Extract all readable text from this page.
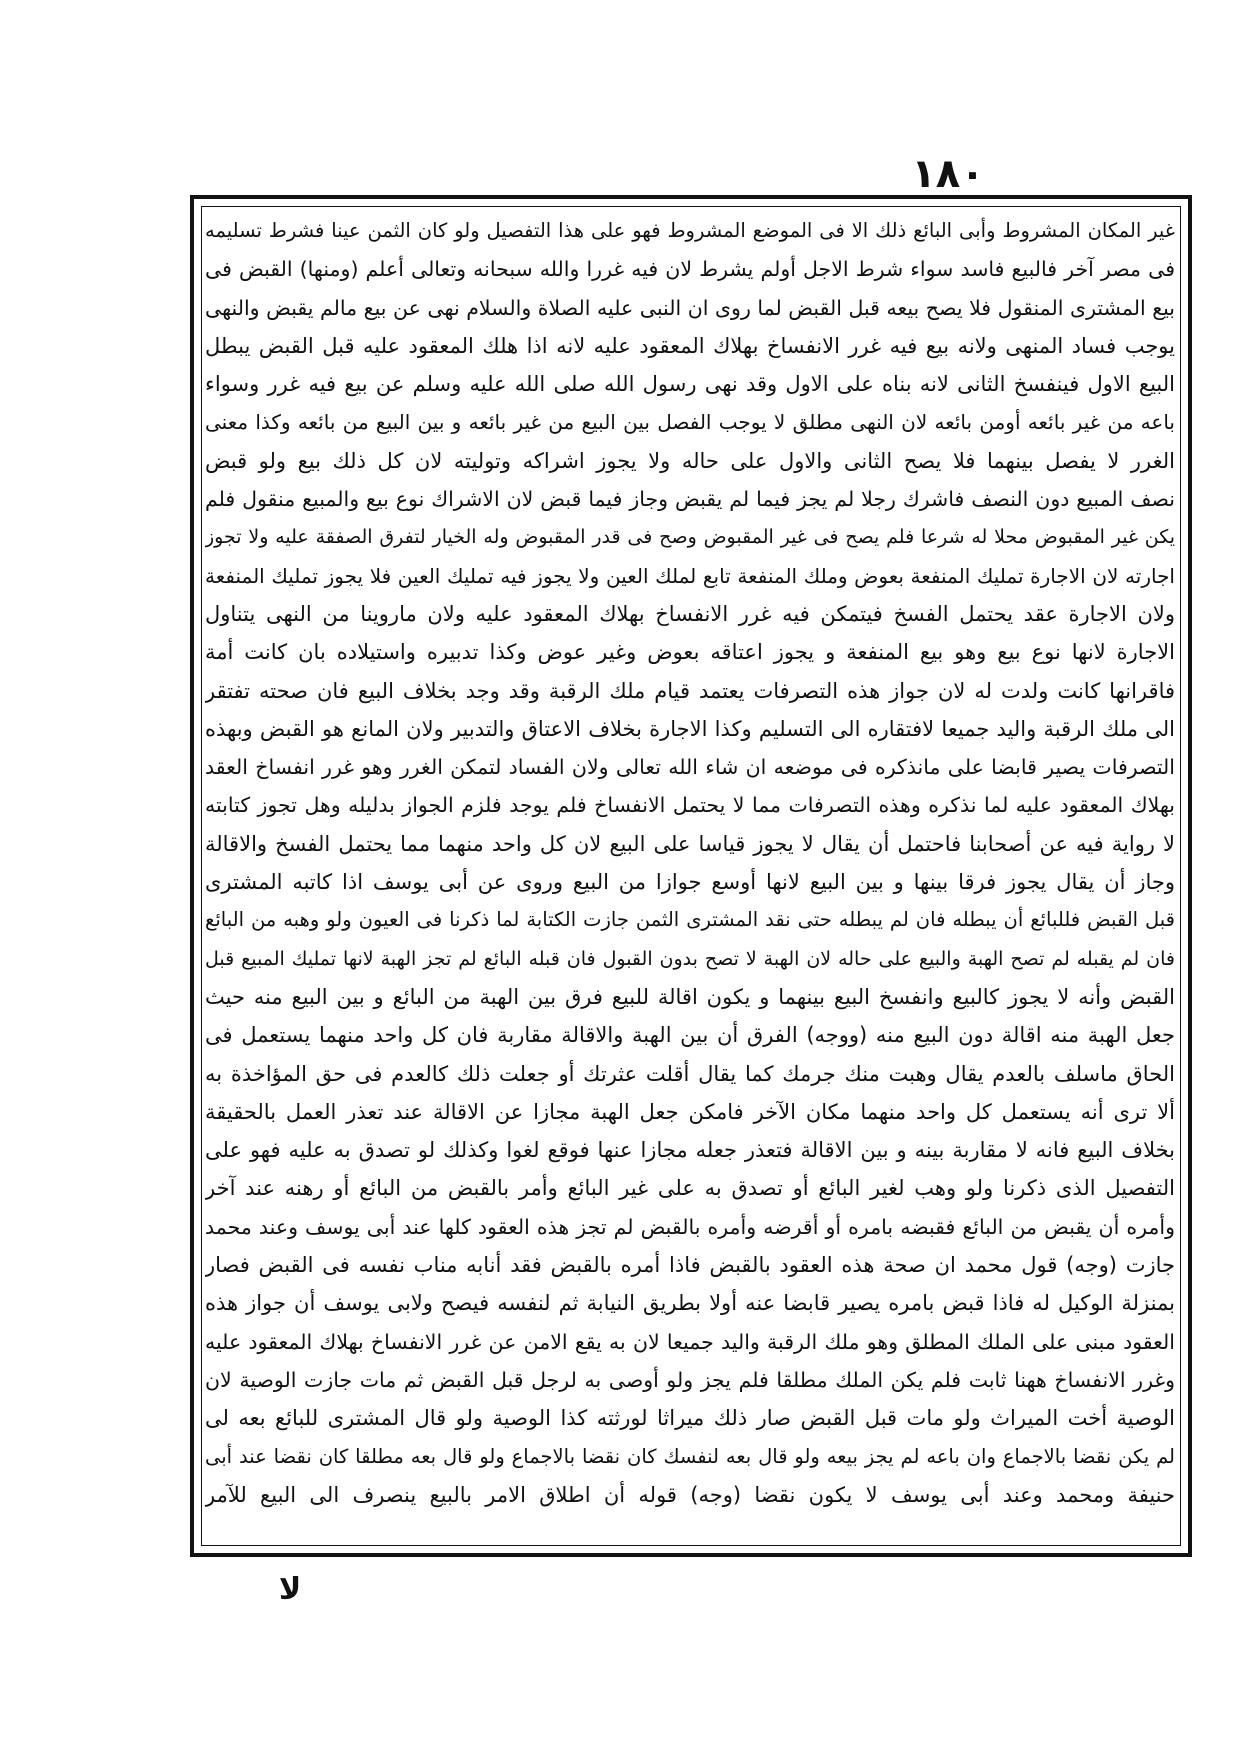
١٨٠
غير المكان المشروط وأبى البائع ذلك الا فى الموضع المشروط فهو على هذا التفصيل ولو كان الثمن عينا فشرط تسليمه
فى مصر آخر فالبيع فاسد سواء شرط الاجل أولم يشرط لان فيه غررا والله سبحانه وتعالى أعلم (ومنها) القبض فى
بيع المشترى المنقول فلا يصح بيعه قبل القبض لما روى ان النبى عليه الصلاة والسلام نهى عن بيع مالم يقبض والنهى
يوجب فساد المنهى ولانه بيع فيه غرر الانفساخ بهلاك المعقود عليه لانه اذا هلك المعقود عليه قبل القبض يبطل
البيع الاول فينفسخ الثانى لانه بناه على الاول وقد نهى رسول الله صلى الله عليه وسلم عن بيع فيه غرر وسواء
باعه من غير بائعه أومن بائعه لان النهى مطلق لا يوجب الفصل بين البيع من غير بائعه و بين البيع من بائعه وكذا معنى
الغرر لا يفصل بينهما فلا يصح الثانى والاول على حاله ولا يجوز اشراكه وتوليته لان كل ذلك بيع ولو قبض
نصف المبيع دون النصف فاشرك رجلا لم يجز فيما لم يقبض وجاز فيما قبض لان الاشراك نوع بيع والمبيع منقول فلم
يكن غير المقبوض محلا له شرعا فلم يصح فى غير المقبوض وصح فى قدر المقبوض وله الخيار لتفرق الصفقة عليه ولا تجوز
اجارته لان الاجارة تمليك المنفعة بعوض وملك المنفعة تابع لملك العين ولا يجوز فيه تمليك العين فلا يجوز تمليك المنفعة
ولان الاجارة عقد يحتمل الفسخ فيتمكن فيه غرر الانفساخ بهلاك المعقود عليه ولان ماروينا من النهى يتناول
الاجارة لانها نوع بيع وهو بيع المنفعة و يجوز اعتاقه بعوض وغير عوض وكذا تدبيره واستيلاده بان كانت أمة
فاقرانها كانت ولدت له لان جواز هذه التصرفات يعتمد قيام ملك الرقبة وقد وجد بخلاف البيع فان صحته تفتقر
الى ملك الرقبة واليد جميعا لافتقاره الى التسليم وكذا الاجارة بخلاف الاعتاق والتدبير ولان المانع هو القبض وبهذه
التصرفات يصير قابضا على مانذكره فى موضعه ان شاء الله تعالى ولان الفساد لتمكن الغرر وهو غرر انفساخ العقد
بهلاك المعقود عليه لما نذكره وهذه التصرفات مما لا يحتمل الانفساخ فلم يوجد فلزم الجواز بدليله وهل تجوز كتابته
لا رواية فيه عن أصحابنا فاحتمل أن يقال لا يجوز قياسا على البيع لان كل واحد منهما مما يحتمل الفسخ والاقالة
وجاز أن يقال يجوز فرقا بينها و بين البيع لانها أوسع جوازا من البيع وروى عن أبى يوسف اذا كاتبه المشترى
قبل القبض فللبائع أن يبطله فان لم يبطله حتى نقد المشترى الثمن جازت الكتابة لما ذكرنا فى العيون ولو وهبه من البائع
فان لم يقبله لم تصح الهبة والبيع على حاله لان الهبة لا تصح بدون القبول فان قبله البائع لم تجز الهبة لانها تمليك المبيع قبل
القبض وأنه لا يجوز كالبيع وانفسخ البيع بينهما و يكون اقالة للبيع فرق بين الهبة من البائع و بين البيع منه حيث
جعل الهبة منه اقالة دون البيع منه (ووجه) الفرق أن بين الهبة والاقالة مقاربة فان كل واحد منهما يستعمل فى
الحاق ماسلف بالعدم يقال وهبت منك جرمك كما يقال أقلت عثرتك أو جعلت ذلك كالعدم فى حق المؤاخذة به
ألا ترى أنه يستعمل كل واحد منهما مكان الآخر فامكن جعل الهبة مجازا عن الاقالة عند تعذر العمل بالحقيقة
بخلاف البيع فانه لا مقاربة بينه و بين الاقالة فتعذر جعله مجازا عنها فوقع لغوا وكذلك لو تصدق به عليه فهو على
التفصيل الذى ذكرنا ولو وهب لغير البائع أو تصدق به على غير البائع وأمر بالقبض من البائع أو رهنه عند آخر
وأمره أن يقبض من البائع فقبضه بامره أو أقرضه وأمره بالقبض لم تجز هذه العقود كلها عند أبى يوسف وعند محمد
جازت (وجه) قول محمد ان صحة هذه العقود بالقبض فاذا أمره بالقبض فقد أنابه مناب نفسه فى القبض فصار
بمنزلة الوكيل له فاذا قبض بامره يصير قابضا عنه أولا بطريق النيابة ثم لنفسه فيصح ولابى يوسف أن جواز هذه
العقود مبنى على الملك المطلق وهو ملك الرقبة واليد جميعا لان به يقع الامن عن غرر الانفساخ بهلاك المعقود عليه
وغرر الانفساخ ههنا ثابت فلم يكن الملك مطلقا فلم يجز ولو أوصى به لرجل قبل القبض ثم مات جازت الوصية لان
الوصية أخت الميراث ولو مات قبل القبض صار ذلك ميراثا لورثته كذا الوصية ولو قال المشترى للبائع بعه لى
لم يكن نقضا بالاجماع وان باعه لم يجز بيعه ولو قال بعه لنفسك كان نقضا بالاجماع ولو قال بعه مطلقا كان نقضا عند أبى
حنيفة ومحمد وعند أبى يوسف لا يكون نقضا (وجه) قوله أن اطلاق الامر بالبيع ينصرف الى البيع للآمر
لا
